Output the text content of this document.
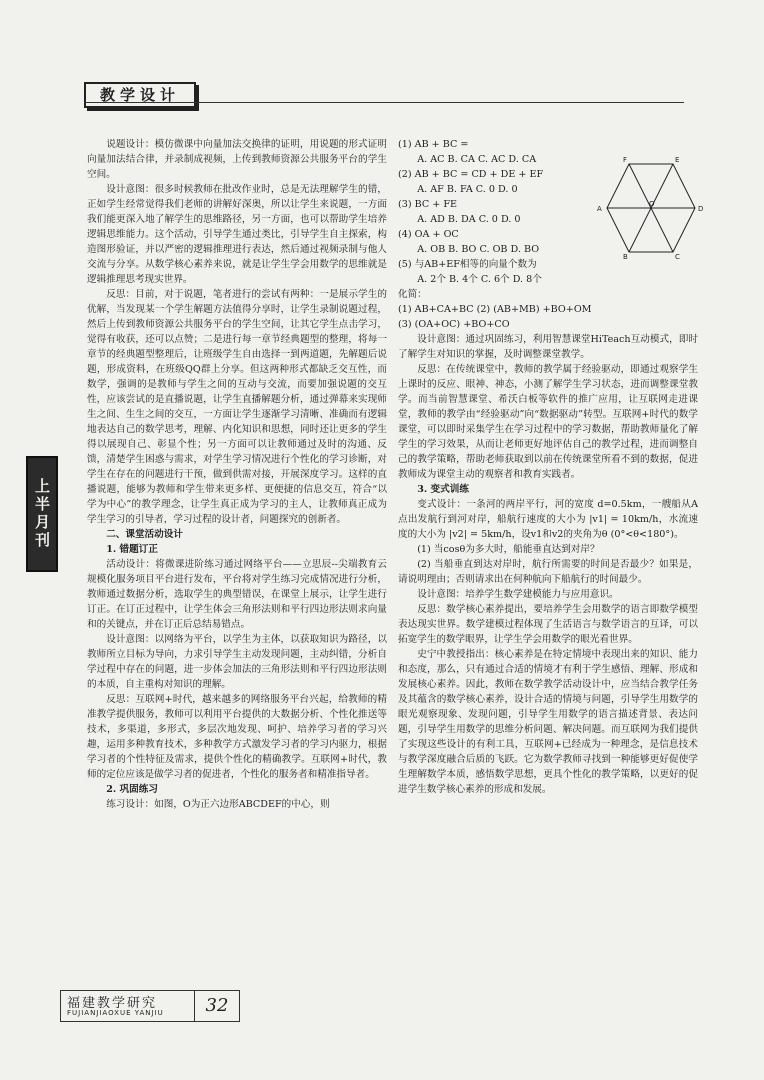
教学设计
上半月刊

说题设计：模仿微课中向量加法交换律的证明，用说题的形式证明向量加法结合律，并录制成视频，上传到教师资源公共服务平台的学生空间。

设计意图：很多时候教师在批改作业时，总是无法理解学生的错，正如学生经常觉得我们老师的讲解好深奥，所以让学生来说题，一方面我们能更深入地了解学生的思维路径，另一方面，也可以帮助学生培养逻辑思维能力。这个活动，引导学生通过类比，引导学生自主探索，构造图形验证，并以严密的逻辑推理进行表达，然后通过视频录制与他人交流与分享。从数学核心素养来说，就是让学生学会用数学的思维就是逻辑推理思考现实世界。

反思：目前，对于说题，笔者进行的尝试有两种：一是展示学生的优解，当发现某一个学生解题方法值得分享时，让学生录制说题过程，然后上传到教师资源公共服务平台的学生空间，让其它学生点击学习，觉得有收获，还可以点赞；二是进行每一章节经典题型的整理，将每一章节的经典题型整理后，让班级学生自由选择一到两道题，先解题后说题，形成资料，在班级QQ群上分享。但这两种形式都缺乏交互性，而数学，强调的是教师与学生之间的互动与交流，而要加强说题的交互性，应该尝试的是直播说题，让学生直播解题分析，通过弹幕来实现师生之间、生生之间的交互，一方面让学生逐渐学习清晰、准确而有逻辑地表达自己的数学思考，理解、内化知识和思想，同时还让更多的学生得以展现自己、彰显个性；另一方面可以让教师通过及时的沟通、反馈，清楚学生困惑与需求，对学生学习情况进行个性化的学习诊断，对学生在存在的问题进行干预，做到供需对接，开展深度学习。这样的直播说题，能够为教师和学生带来更多样、更便捷的信息交互，符合“以学为中心”的教学理念，让学生真正成为学习的主人，让教师真正成为学生学习的引导者，学习过程的设计者，问题探究的创新者。

二、课堂活动设计

1. 错题订正

活动设计：将微课进阶练习通过网络平台——立思辰--尖端教育云规模化服务项目平台进行发布，平台将对学生练习完成情况进行分析，教师通过数据分析，选取学生的典型错误，在课堂上展示，让学生进行订正。在订正过程中，让学生体会三角形法则和平行四边形法则求向量和的关键点，并在订正后总结易错点。

设计意图：以网络为平台，以学生为主体，以获取知识为路径，以教师所立目标为导向，力求引导学生主动发现问题，主动纠错，分析自学过程中存在的问题，进一步体会加法的三角形法则和平行四边形法则的本质，自主重构对知识的理解。

反思：互联网+时代，越来越多的网络服务平台兴起，给教师的精准教学提供服务，教师可以利用平台提供的大数据分析、个性化推送等技术，多渠道，多形式，多层次地发现、呵护、培养学习者的学习兴趣，运用多种教育技术，多种教学方式激发学习者的学习内驱力，根据学习者的个性特征及需求，提供个性化的精确教学。互联网+时代，教师的定位应该是做学习者的促进者，个性化的服务者和精准指导者。

2. 巩固练习

练习设计：如图，O为正六边形ABCDEF的中心，则

(1) AB + BC =

A. AC B. CA C. AC D. CA

(2) AB + BC = CD + DE + EF

A. AF B. FA C. 0 D. 0

(3) BC + FE

A. AD B. DA C. 0 D. 0

(4) OA + OC

A. OB B. BO C. OB D. BO

(5) 与AB+EF相等的向量个数为

A. 2个 B. 4个 C. 6个 D. 8个

化简：

(1) AB+CA+BC (2) (AB+MB) +BO+OM

(3) (OA+OC) +BO+CO

设计意图：通过巩固练习，利用智慧课堂HiTeach互动模式，即时了解学生对知识的掌握，及时调整课堂教学。

反思：在传统课堂中，教师的教学属于经验驱动，即通过观察学生上课时的反应、眼神、神态，小测了解学生学习状态，进而调整课堂教学。而当前智慧课堂、希沃白板等软件的推广应用，让互联网走进课堂，教师的教学由“经验驱动”向“数据驱动”转型。互联网+时代的数学课堂，可以即时采集学生在学习过程中的学习数据，帮助教师量化了解学生的学习效果，从而让老师更好地评估自己的教学过程，进而调整自己的教学策略，帮助老师获取到以前在传统课堂所看不到的数据，促进教师成为课堂主动的观察者和教育实践者。

3. 变式训练

变式设计：一条河的两岸平行，河的宽度 d=0.5km，一艘船从A点出发航行到河对岸，船航行速度的大小为 |v1| = 10km/h，水流速度的大小为 |v2| = 5km/h，设v1和v2的夹角为θ (0°<θ<180°)。

(1) 当cosθ为多大时，船能垂直达到对岸？

(2) 当船垂直到达对岸时，航行所需要的时间是否最少？如果是，请说明理由；否则请求出在何种航向下船航行的时间最少。

设计意图：培养学生数学建模能力与应用意识。

反思：数学核心素养提出，要培养学生会用数学的语言即数学模型表达现实世界。数学建模过程体现了生活语言与数学语言的互译，可以拓宽学生的数学眼界，让学生学会用数学的眼光看世界。

史宁中教授指出：核心素养是在特定情境中表现出来的知识、能力和态度，那么，只有通过合适的情境才有利于学生感悟、理解、形成和发展核心素养。因此，教师在数学教学活动设计中，应当结合教学任务及其蕴含的数学核心素养，设计合适的情境与问题，引导学生用数学的眼光观察现象、发现问题，引导学生用数学的语言描述背景、表达问题，引导学生用数学的思维分析问题、解决问题。而互联网为我们提供了实现这些设计的有利工具，互联网+已经成为一种理念，是信息技术与教学深度融合后质的飞跃。它为数学教师寻找到一种能够更好促使学生理解数学本质，感悟数学思想，更具个性化的教学策略，以更好的促进学生数学核心素养的形成和发展。

F	E
A
O
D
B	C
福建教学研究
FUJIANJIAOXUE YANJIU	32
